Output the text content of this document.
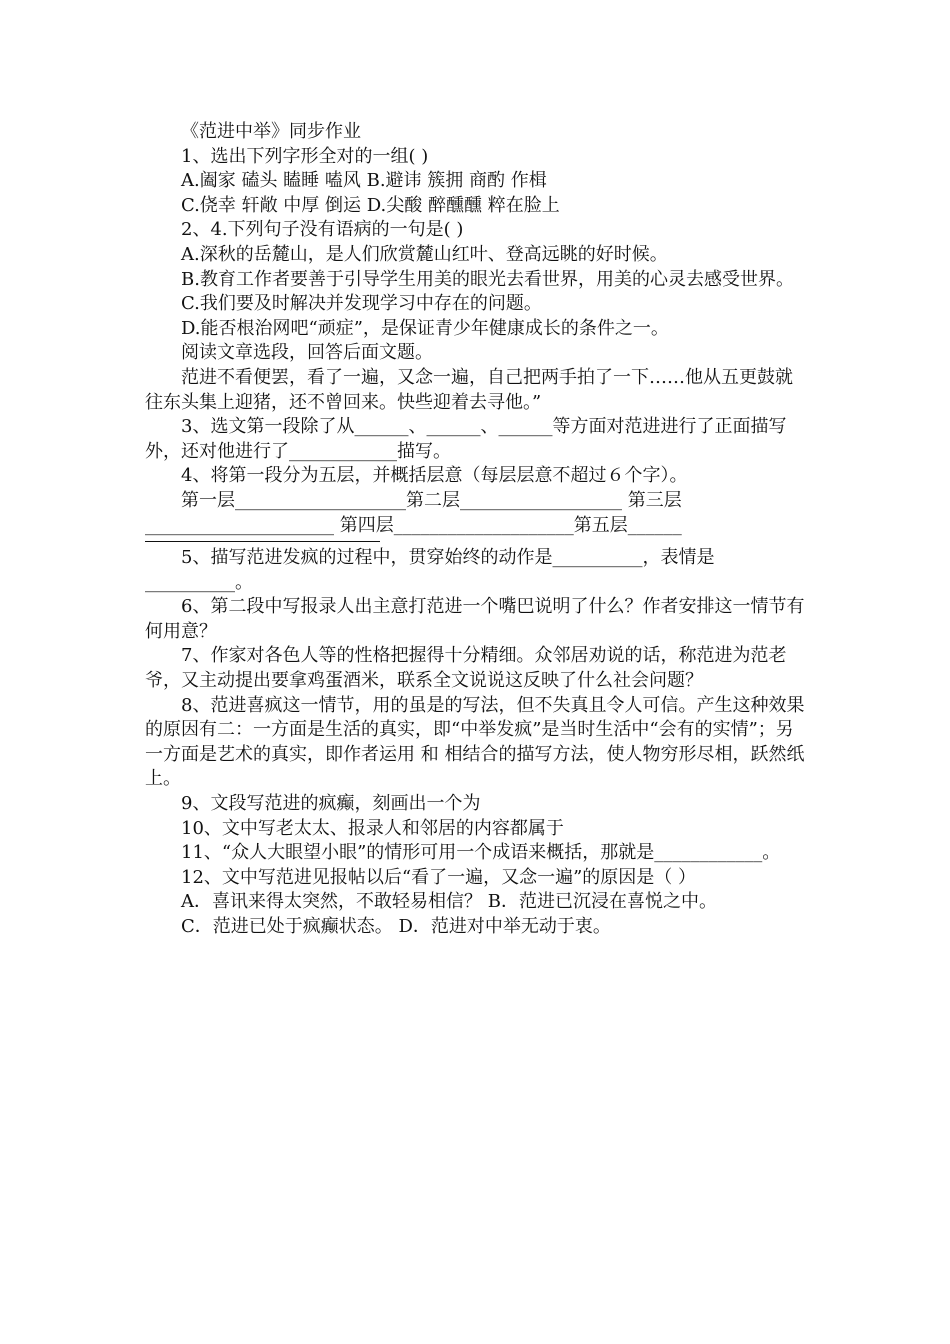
《范进中举》同步作业

1、选出下列字形全对的一组( )

A.阖家 磕头 瞌睡 嗑风 B.避讳 簇拥 商酌 作楫

C.侥幸 轩敞 中厚 倒运 D.尖酸 醉醺醺 粹在脸上

2、4.下列句子没有语病的一句是( )

A.深秋的岳麓山，是人们欣赏麓山红叶、登高远眺的好时候。

B.教育工作者要善于引导学生用美的眼光去看世界，用美的心灵去感受世界。

C.我们要及时解决并发现学习中存在的问题。

D.能否根治网吧“顽症”，是保证青少年健康成长的条件之一。

阅读文章选段，回答后面文题。

范进不看便罢，看了一遍，又念一遍，自己把两手拍了一下……他从五更鼓就往东头集上迎猪，还不曾回来。快些迎着去寻他。”

3、选文第一段除了从______、______、______等方面对范进进行了正面描写外，还对他进行了____________描写。

4、将第一段分为五层，并概括层意（每层层意不超过６个字）。

第一层___________________第二层__________________ 第三层_____________________ 第四层____________________第五层______

5、描写范进发疯的过程中，贯穿始终的动作是__________，表情是__________。

6、第二段中写报录人出主意打范进一个嘴巴说明了什么？作者安排这一情节有何用意？

7、作家对各色人等的性格把握得十分精细。众邻居劝说的话，称范进为范老爷，又主动提出要拿鸡蛋酒米，联系全文说说这反映了什么社会问题？

8、范进喜疯这一情节，用的虽是的写法，但不失真且令人可信。产生这种效果的原因有二：一方面是生活的真实，即“中举发疯”是当时生活中“会有的实情”；另一方面是艺术的真实，即作者运用 和 相结合的描写方法，使人物穷形尽相，跃然纸上。

9、文段写范进的疯癫，刻画出一个为

10、文中写老太太、报录人和邻居的内容都属于

11、“众人大眼望小眼”的情形可用一个成语来概括，那就是____________。

12、文中写范进见报帖以后“看了一遍，又念一遍”的原因是（ ）

A．喜讯来得太突然，不敢轻易相信？ B．范进已沉浸在喜悦之中。

C．范进已处于疯癫状态。 D．范进对中举无动于衷。
